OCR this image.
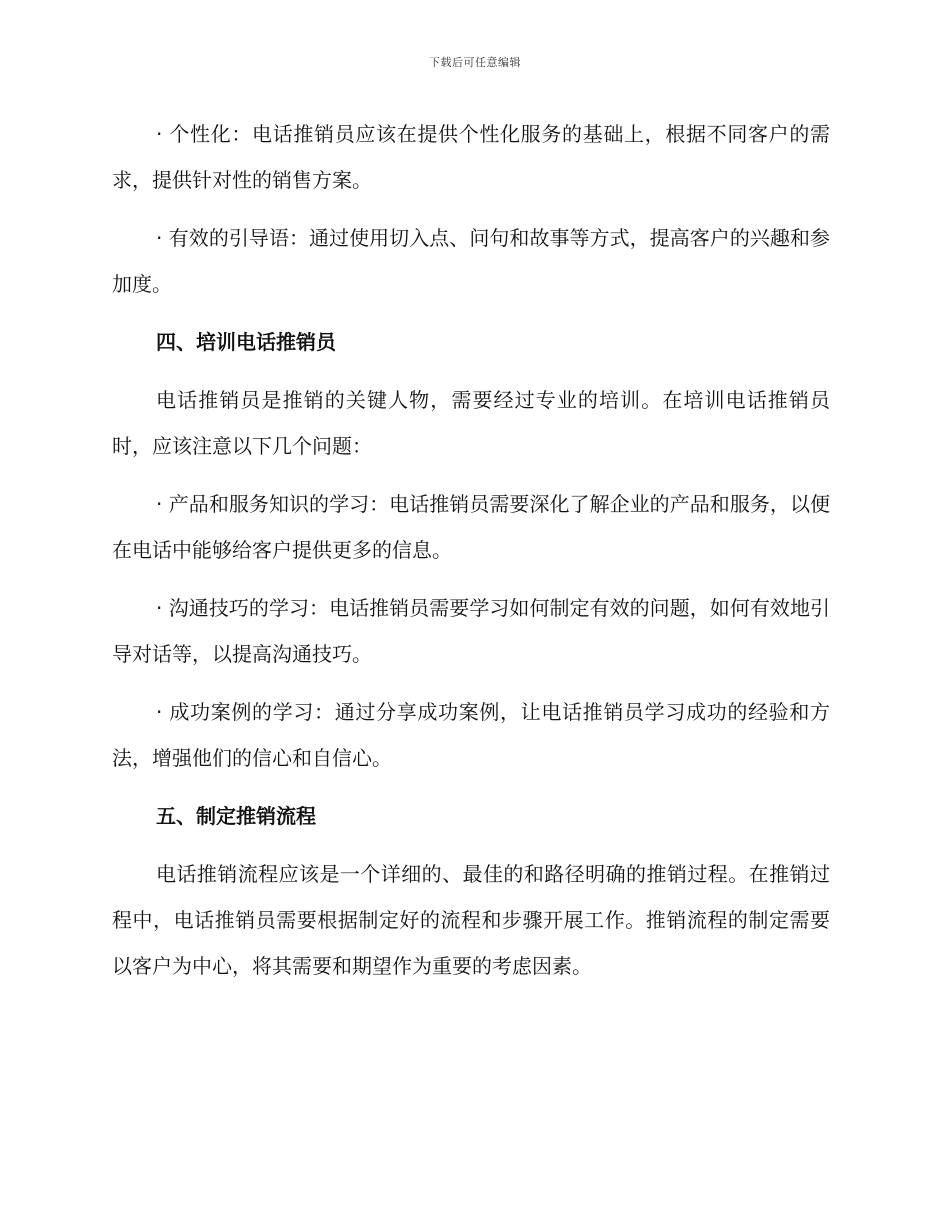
下载后可任意编辑

· 个性化：电话推销员应该在提供个性化服务的基础上，根据不同客户的需求，提供针对性的销售方案。

· 有效的引导语：通过使用切入点、问句和故事等方式，提高客户的兴趣和参加度。

四、培训电话推销员

电话推销员是推销的关键人物，需要经过专业的培训。在培训电话推销员时，应该注意以下几个问题：

· 产品和服务知识的学习：电话推销员需要深化了解企业的产品和服务，以便在电话中能够给客户提供更多的信息。

· 沟通技巧的学习：电话推销员需要学习如何制定有效的问题，如何有效地引导对话等，以提高沟通技巧。

· 成功案例的学习：通过分享成功案例，让电话推销员学习成功的经验和方法，增强他们的信心和自信心。

五、制定推销流程

电话推销流程应该是一个详细的、最佳的和路径明确的推销过程。在推销过程中，电话推销员需要根据制定好的流程和步骤开展工作。推销流程的制定需要以客户为中心，将其需要和期望作为重要的考虑因素。
